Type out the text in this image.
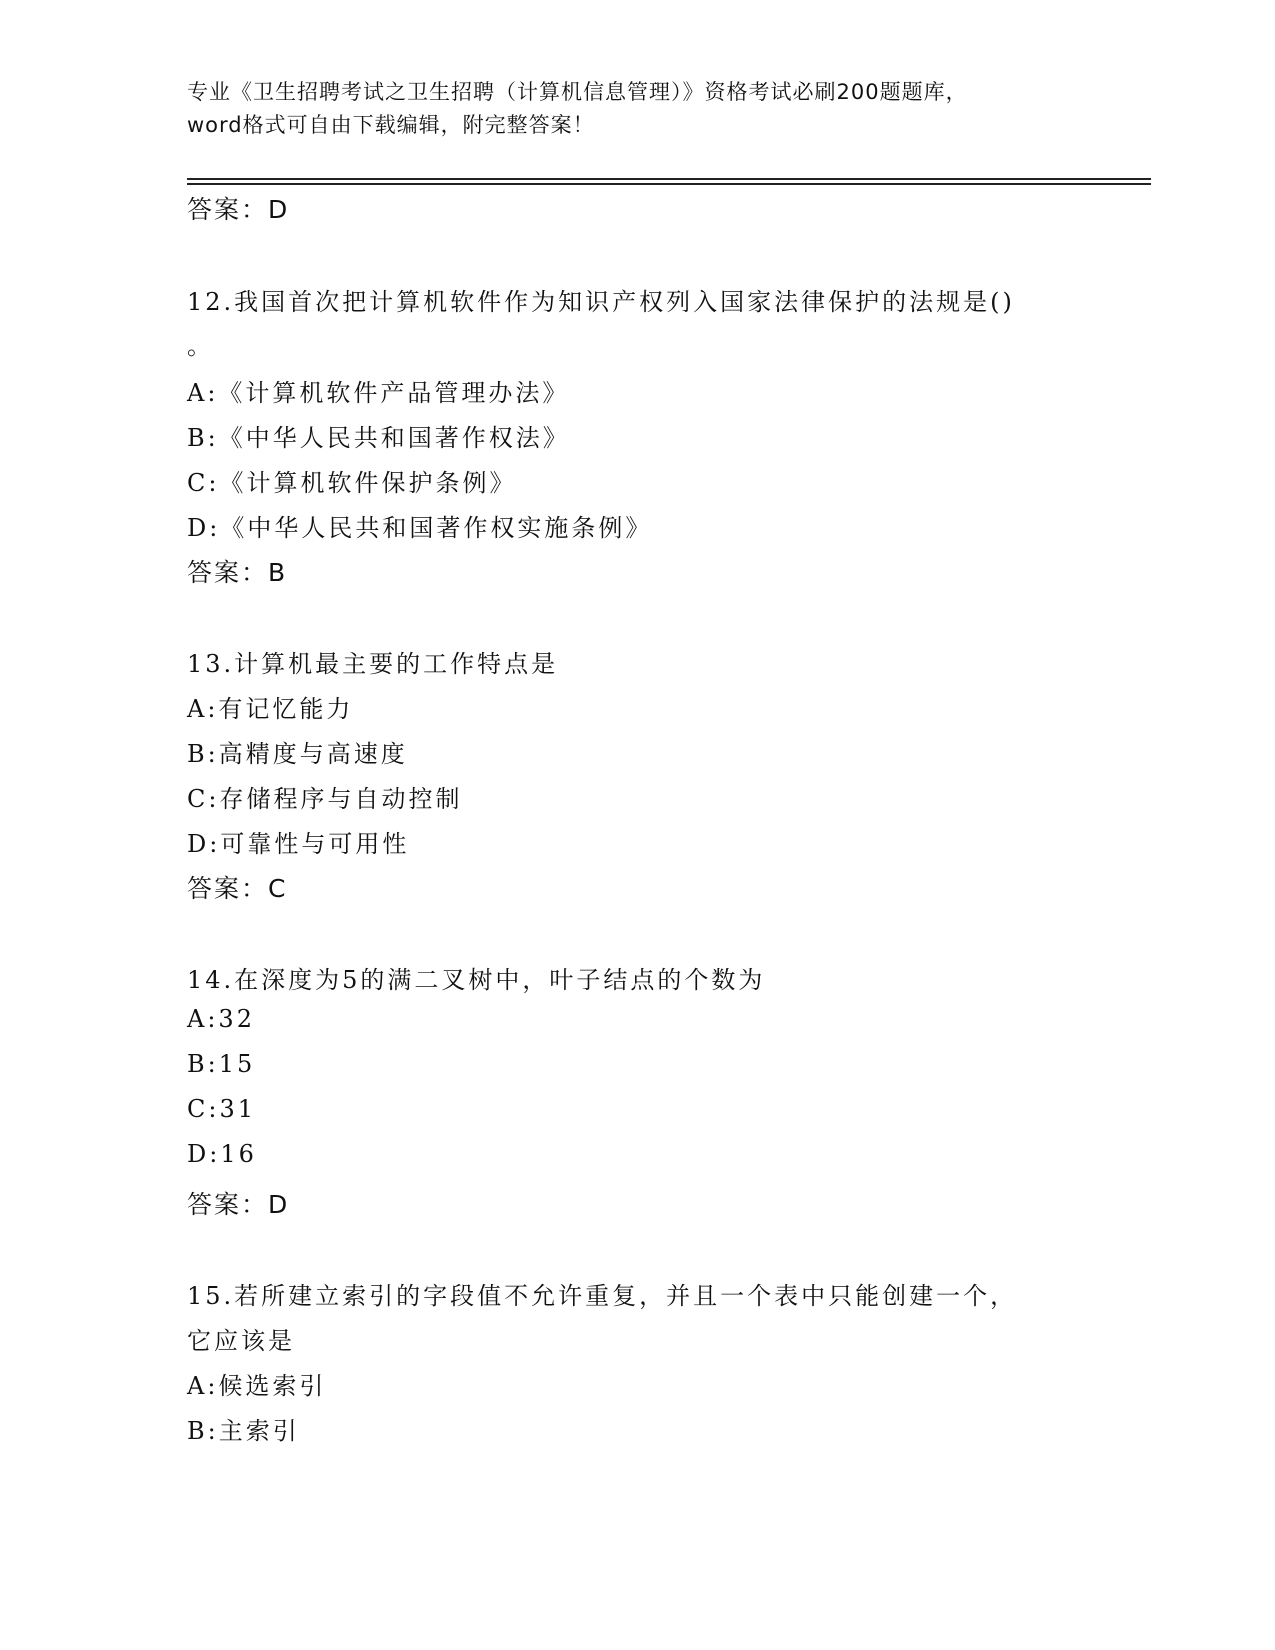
专业《卫生招聘考试之卫生招聘（计算机信息管理）》资格考试必刷200题题库，
word格式可自由下载编辑，附完整答案！
答案：D
12.我国首次把计算机软件作为知识产权列入国家法律保护的法规是()
。
A:《计算机软件产品管理办法》
B:《中华人民共和国著作权法》
C:《计算机软件保护条例》
D:《中华人民共和国著作权实施条例》
答案：B
13.计算机最主要的工作特点是
A:有记忆能力
B:高精度与高速度
C:存储程序与自动控制
D:可靠性与可用性
答案：C
14.在深度为5的满二叉树中，叶子结点的个数为
A:32
B:15
C:31
D:16
答案：D
15.若所建立索引的字段值不允许重复，并且一个表中只能创建一个，
它应该是
A:候选索引
B:主索引
